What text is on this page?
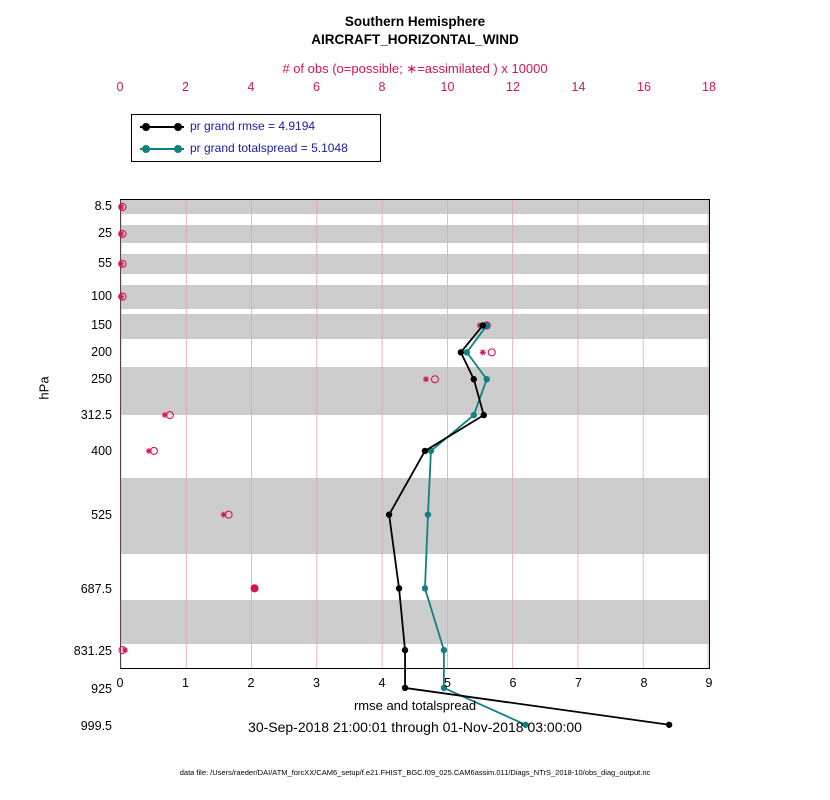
Southern Hemisphere
AIRCRAFT_HORIZONTAL_WIND
# of obs (o=possible; ∗=assimilated ) x 10000
hPa
pr grand rmse = 4.9194
pr grand totalspread = 5.1048
0	2	4	6	8	10	12	14	16	18
0	1	2	3	4	5	6	7	8	9
8.5
25
55
100
150
200
250
312.5
400
525
687.5
831.25
925
999.5
rmse and totalspread
30-Sep-2018 21:00:01 through 01-Nov-2018 03:00:00
data file: /Users/raeder/DAI/ATM_forcXX/CAM6_setup/f.e21.FHIST_BGC.f09_025.CAM6assim.011/Diags_NTrS_2018-10/obs_diag_output.nc
